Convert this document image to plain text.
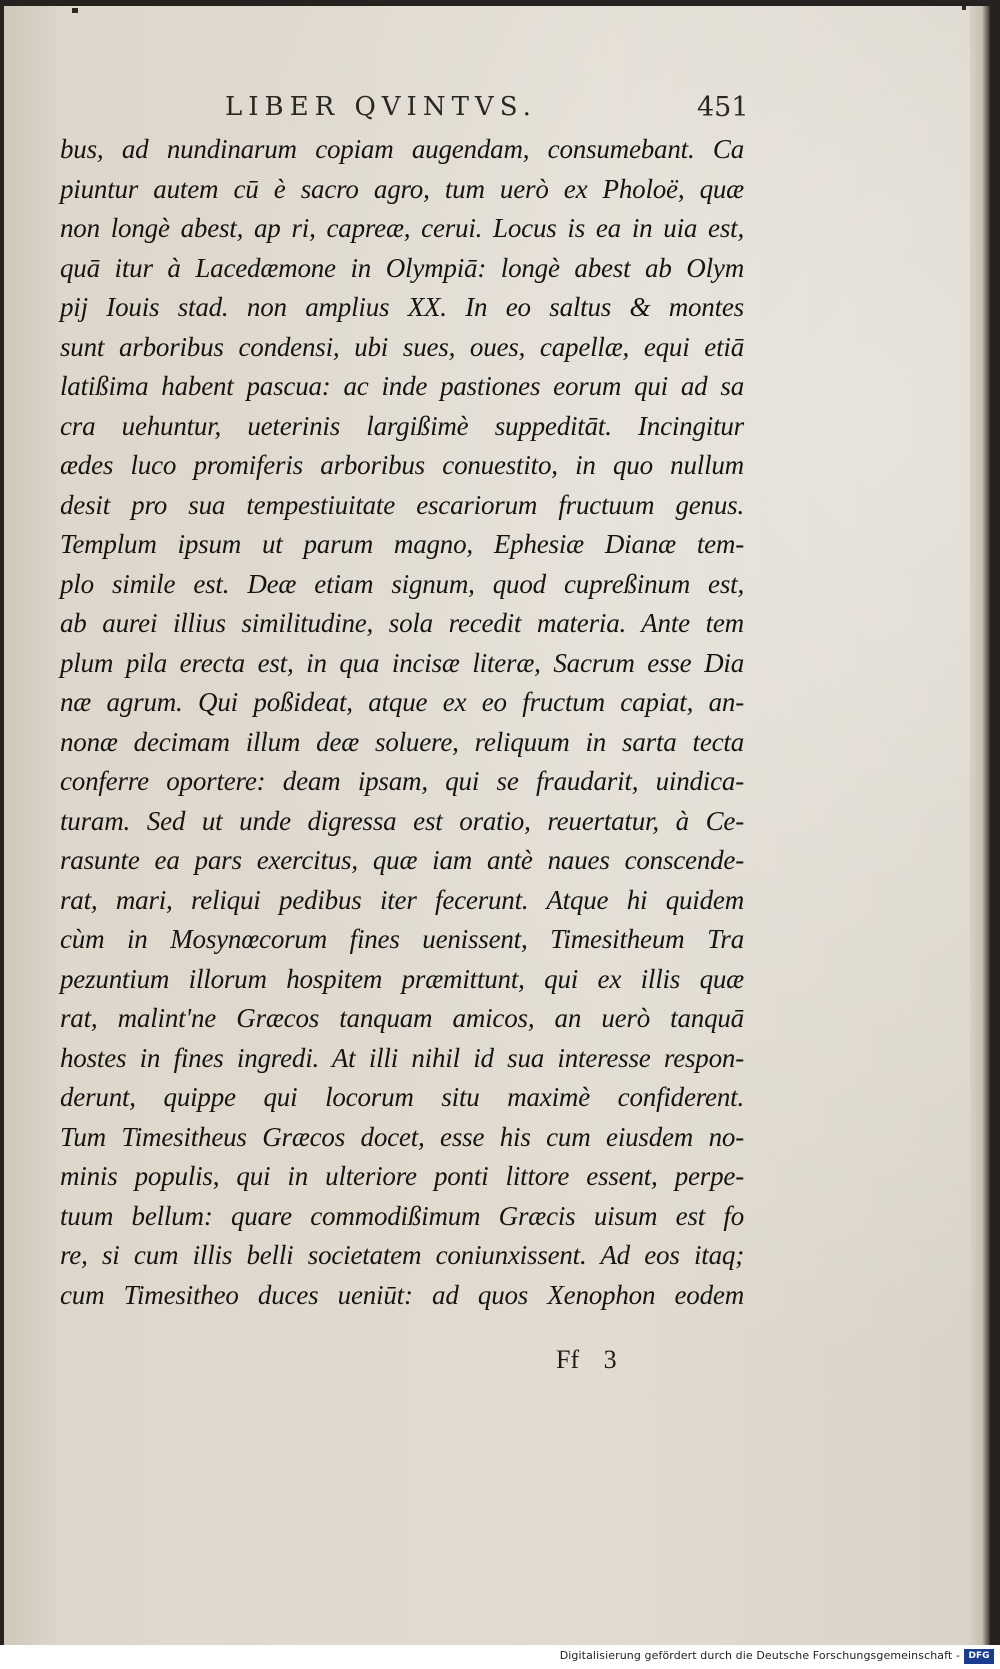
LIBER QVINTVS.	451
bus, ad nundinarum copiam augendam, consumebant. Ca
piuntur autem cū è sacro agro, tum uerò ex Pholoë, quæ
non longè abest, ap ri, capreæ, cerui. Locus is ea in uia est,
quā itur à Lacedæmone in Olympiā: longè abest ab Olym
pij Iouis stad. non amplius XX. In eo saltus & montes
sunt arboribus condensi, ubi sues, oues, capellæ, equi etiā
latißima habent pascua: ac inde pastiones eorum qui ad sa
cra uehuntur, ueterinis largißimè suppeditāt. Incingitur
ædes luco promiferis arboribus conuestito, in quo nullum
desit pro sua tempestiuitate escariorum fructuum genus.
Templum ipsum ut parum magno, Ephesiæ Dianæ tem-
plo simile est. Deæ etiam signum, quod cupreßinum est,
ab aurei illius similitudine, sola recedit materia. Ante tem
plum pila erecta est, in qua incisæ literæ, Sacrum esse Dia
næ agrum. Qui poßideat, atque ex eo fructum capiat, an-
nonæ decimam illum deæ soluere, reliquum in sarta tecta
conferre oportere: deam ipsam, qui se fraudarit, uindica-
turam. Sed ut unde digressa est oratio, reuertatur, à Ce-
rasunte ea pars exercitus, quæ iam antè naues conscende-
rat, mari, reliqui pedibus iter fecerunt. Atque hi quidem
cùm in Mosynœcorum fines uenissent, Timesitheum Tra
pezuntium illorum hospitem præmittunt, qui ex illis quæ
rat, malint'ne Græcos tanquam amicos, an uerò tanquā
hostes in fines ingredi. At illi nihil id sua interesse respon-
derunt, quippe qui locorum situ maximè confiderent.
Tum Timesitheus Græcos docet, esse his cum eiusdem no-
minis populis, qui in ulteriore ponti littore essent, perpe-
tuum bellum: quare commodißimum Græcis uisum est fo
re, si cum illis belli societatem coniunxissent. Ad eos itaq;
cum Timesitheo duces ueniūt: ad quos Xenophon eodem
Ff 3
Digitalisierung gefördert durch die Deutsche Forschungsgemeinschaft - DFG
